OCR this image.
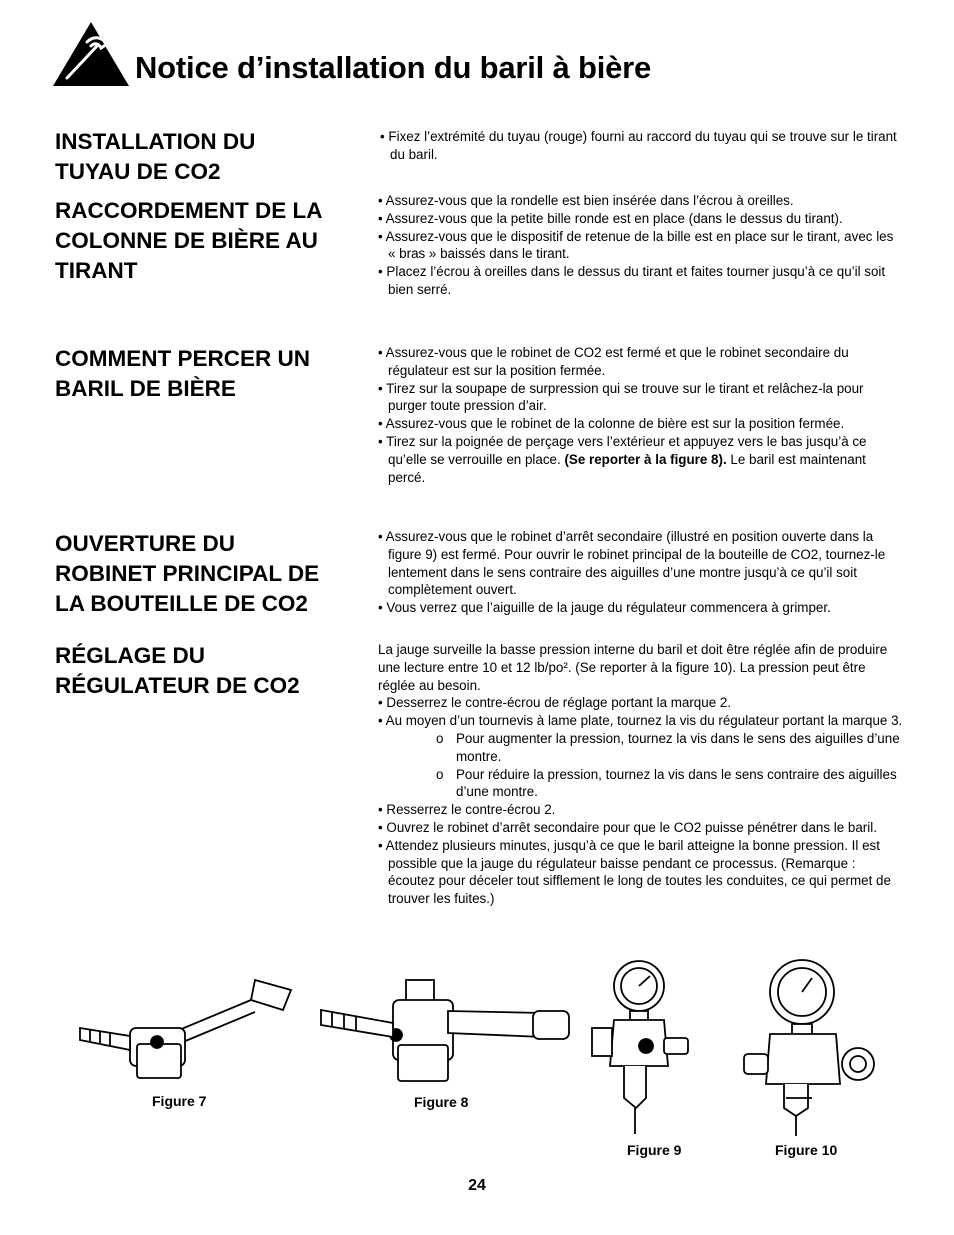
Notice d’installation du baril à bière
INSTALLATION DU
TUYAU DE CO2

• Fixez l’extrémité du tuyau (rouge) fourni au raccord du tuyau qui se trouve sur le tirant du baril.

RACCORDEMENT DE LA
COLONNE DE BIÈRE AU
TIRANT

• Assurez-vous que la rondelle est bien insérée dans l’écrou à oreilles.

• Assurez-vous que la petite bille ronde est en place (dans le dessus du tirant).

• Assurez-vous que le dispositif de retenue de la bille est en place sur le tirant, avec les « bras » baissés dans le tirant.

• Placez l’écrou à oreilles dans le dessus du tirant et faites tourner jusqu’à ce qu’il soit bien serré.

COMMENT PERCER UN
BARIL DE BIÈRE

• Assurez-vous que le robinet de CO2 est fermé et que le robinet secondaire du régulateur est sur la position fermée.

• Tirez sur la soupape de surpression qui se trouve sur le tirant et relâchez-la pour purger toute pression d’air.

• Assurez-vous que le robinet de la colonne de bière est sur la position fermée.

• Tirez sur la poignée de perçage vers l’extérieur et appuyez vers le bas jusqu’à ce qu’elle se verrouille en place. (Se reporter à la figure 8). Le baril est maintenant percé.

OUVERTURE DU
ROBINET PRINCIPAL DE
LA BOUTEILLE DE CO2

• Assurez-vous que le robinet d’arrêt secondaire (illustré en position ouverte dans la figure 9) est fermé. Pour ouvrir le robinet principal de la bouteille de CO2, tournez-le lentement dans le sens contraire des aiguilles d’une montre jusqu’à ce qu’il soit complètement ouvert.

• Vous verrez que l’aiguille de la jauge du régulateur commencera à grimper.

RÉGLAGE DU
RÉGULATEUR DE CO2

La jauge surveille la basse pression interne du baril et doit être réglée afin de produire une lecture entre 10 et 12 lb/po². (Se reporter à la figure 10). La pression peut être réglée au besoin.

• Desserrez le contre-écrou de réglage portant la marque 2.

• Au moyen d’un tournevis à lame plate, tournez la vis du régulateur portant la marque 3.

o Pour augmenter la pression, tournez la vis dans le sens des aiguilles d’une montre.

o Pour réduire la pression, tournez la vis dans le sens contraire des aiguilles d’une montre.

• Resserrez le contre-écrou 2.

• Ouvrez le robinet d’arrêt secondaire pour que le CO2 puisse pénétrer dans le baril.

• Attendez plusieurs minutes, jusqu’à ce que le baril atteigne la bonne pression. Il est possible que la jauge du régulateur baisse pendant ce processus. (Remarque : écoutez pour déceler tout sifflement le long de toutes les conduites, ce qui permet de trouver les fuites.)

Figure 7	Figure 8
Figure 9	Figure 10
24
